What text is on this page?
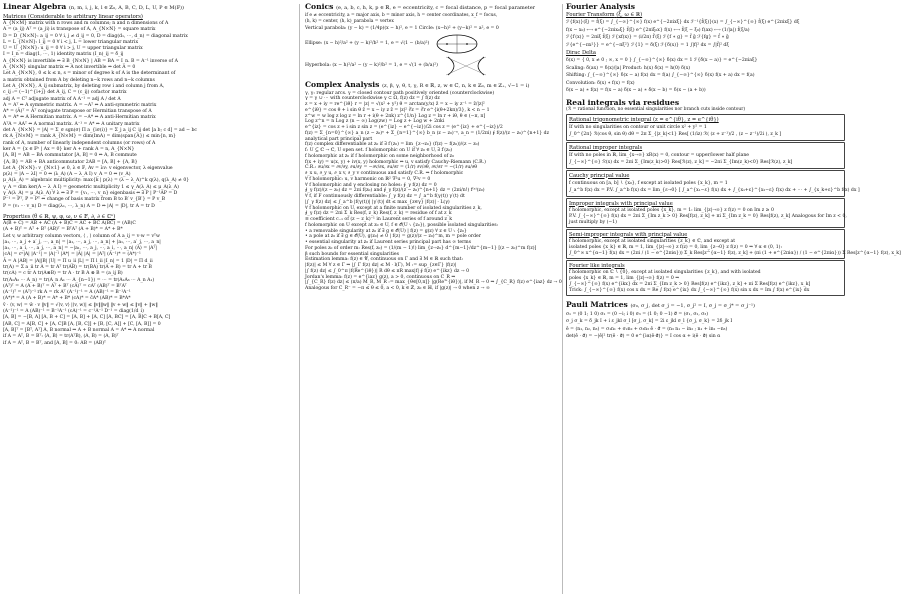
Linear Algebra (n, m, i, j, k, l ∈ ℤ₀, A, B, C, D, L, U, P ∈ M(𝔽))
Matrices (Considerable to arbitrary linear operators)
A_{N×M} matrix with n rows and m columns; n and n dimensions of A
A = (a_ij) Aᵀ = (a_ji) is transpose of A, A_{N×N} = square matrix
D = D_{N×N}: a_ij = 0 ∀ i, j ≠ d_ij = 0, D = diag(d₁, ⋯, d_n) = diagonal matrix
L = L_{N×N}: l_ij = 0 ∀ i < j, L = lower triangular matrix
U = U_{N×N}: u_ij = 0 ∀ i > j, U = upper triangular matrix
I = I_n = diag(1, ⋯, 1) identity matrix (I_n)_ij = δ_ij
A_{N×N} is invertible ⇔ ∃ B_{N×N} | AB = BA = I_n. B = A⁻¹ inverse of A
A_{N×N} singular matrix ⇔ A not invertible ⇔ det A = 0
Let A_{N×N}, 0 ≤ k ≤ n, s = minor of degree k of A is the determinant of
a matrix obtained from A by deleting n−k rows and n−k columns
Let A_{N×N}, A_ij submatrix, by deleting row i and column j from A,
c_ij := (−1)^{i+j} det A_ij, C = (c_ij) cofactor matrix
adj A = Cᵀ adjugate matrix of A A⁻¹ = adj A / det A
A = Aᵀ ⇔ A symmetric matrix. A = −Aᵀ ⇔ A anti-symmetric matrix
A* = (Ā)ᵀ = Āᵀ conjugate transpose or Hermitian transpose of A
A = A* ⇔ A Hermitian matrix. A = −A* ⇔ A anti-Hermitian matrix
AᵀA = AAᵀ ⇔ A normal matrix. A⁻¹ = A* ⇔ A unitary matrix
det A_{N×N} = |A| = Σ_σ sgn(σ) Π a_{iσ(i)} = Σ_j a_ij C_ij det [a b; c d] = ad − bc
rk A_{N×M} = rank A_{N×M} = dim(ImA) = dim(span{A}) ≤ min{n, m}
rank of A, number of linearly independent columns (or rows) of A
ker A = {x ∈ 𝔽ⁿ | Ax = 0} ker A + rank A = n, A_{N×N}
[A, B] = AB − BA commutator [A, B] = 0 ⇔ A, B commute
{A, B} = AB + BA anticommutator 2AB = [A, B] + {A, B}
Let A_{N×N}: v_{N×1} ≠ 0, λ ∈ 𝔽, Av = λv: v eigenvector, λ eigenvalue
p(λ) = |A − λI| = 0 ⇔ (λ_A) (A − λ_A I) v_A = 0 ⇔ (v_A)
μ_A(λ_A) = algebraic multiplicity: max{k | p(λ) = (λ − λ_A)^k q(λ), q(λ_A) ≠ 0}
γ_A = dim ker(A − λ_A I) = geometric multiplicity 1 ≤ γ_A(λ_A) ≤ μ_A(λ_A)
γ_A(λ_A) = μ_A(λ_A) ∀ λ ⇔ ∃ P = {v₁, ⋯, v_n} eigenbasis ⇔ ∃ P | P⁻¹AP = D
P⁻¹ = Pᵀ, P = Pᵀ ⇔ change of basis matrix from B to B′ v_{B′} = P v_B
P = (v₁ ⋯ v_n) D = diag(λ₁, ⋯, λ_n) A = D ⇔ |A| = |D|, tr A = tr D
Properties (θ ∈ ℝ, ψ, φ, ω, ν ∈ 𝔽, ∂, ∂ ∈ ℂⁿ)
A(B + C) = AB + AC (A + B)C = AC + BC A(BC) = (AB)C
(A + B)ᵀ = Aᵀ + Bᵀ (AB)ᵀ = BᵀAᵀ (A + B)* = A* + B*
Let v, w arbitrary column vectors, ⟨ , ⟩ column of A a_ij = v·w = vᵀw
|a₁, ⋯, a_j + a′_j, ⋯, a_n| = |a₁, ⋯, a_j, ⋯, a_n| + |a₁, ⋯, a′_j, ⋯, a_n|
|a₁, ⋯, a_i, ⋯, a_j, ⋯, a_n| = −|a₁, ⋯, a_j, ⋯, a_i, ⋯, a_n| ⟨A⟩ = |Aᵀ|
|cA| = cⁿ|A| |A⁻¹| = |A|⁻¹ |A*| = |Ā| |A| = |Aᵀ| (A⁻¹)* = (A*)⁻¹
Ā = A |AB| = |A||B| |U| = Π u_ii |L| = Π l_ii |I_n| = 1 |D| = Π d_ii
tr(A) = Σ a_ii tr A = tr Aᵀ tr(AB) = tr(BA) tr(A + B) = tr A + tr B
tr(cA) = c tr A tr(A⊗B) = tr A · tr B A ⊗ B = (a_ij B)
tr(A₁A₂ ⋯ A_n) = tr(A_n A₁ ⋯ A_{n−1}) = ⋯ = tr(A₂A₃ ⋯ A_n A₁)
(Aᵀ)ᵀ = A (A + B)ᵀ = Aᵀ + Bᵀ (cA)ᵀ = cAᵀ (AB)ᵀ = BᵀAᵀ
(A⁻¹)ᵀ = (Aᵀ)⁻¹ rk A = rk Aᵀ (A⁻¹)⁻¹ = A (AB)⁻¹ = B⁻¹A⁻¹
(A*)* = A (A + B)* = A* + B* (cA)* = c̄A* (AB)* = B*A*
v̄ · ⟨v, w⟩ = w̄ · v ‖v‖ = √⟨v, v⟩ |⟨v, w⟩| ≤ ‖v‖‖w‖ ‖v + w‖ ≤ ‖v‖ + ‖w‖
(A⁻¹)⁻¹ = A (AB)⁻¹ = B⁻¹A⁻¹ (cA)⁻¹ = c⁻¹A⁻¹ D⁻¹ = diag(1/d_i)
[A, B] = −[B, A] [A, B + C] = [A, B] + [A, C] [A, BC] = [A, B]C + B[A, C]
[AB, C] = A[B, C] + [A, C]B [A, [B, C]] + [B, [C, A]] + [C, [A, B]] = 0
[A, B]ᵀ = [Bᵀ, Aᵀ] A, B normal ⇒ A + B normal A = A* ⇒ A normal
if A = Aᵀ, B = Bᵀ: ⟨A, B⟩ = tr(AᵀB), (A, B) = (A, B)ᵀ
if A = Aᵀ, B = Bᵀ, and [A, B] = 0: AB = (AB)ᵀ
Conics (e, a, b, c, h, k, p ∈ ℝ, e = eccentricity, c = focal distance, p = focal parameter
if e ≠ eccentricity, a = major axis, b = minor axis, h = center coordinates, x_f = focus,
(h, k) = center, (h, k)_parabola = vertex
Vertical parabola: (y − k) = (1/4p)(x − h)², e = 1 Circle: (x−h)² + (y−k)² = a², e = 0
Ellipse: (x − h)²/a² + (y − k)²/b² = 1, e = √(1 − (b/a)²)
Hyperbola: (x − h)²/a² − (y − k)²/b² = 1, e = √(1 + (b/a)²)
Complex Analysis (z, β, γ, θ, t, γ, R ∈ ℝ, z, w ∈ ℂ, n, k ∈ ℤ₀, m ∈ ℤ₊, √−1 = i)
γ, γ: regular arcs. γ = closed contour path positively oriented (counterclockwise)
γ = γ ∪ ⋯ with counterclockwise γ ⊂ Ω, f(z) dz = ∫ f(z) dz
z = x + iy = re^{iθ} r = |z| = √(x² + y²) θ = arctan(y/x) z̄ = x − iy z⁻¹ = z̄/|z|²
e^{iθ} = cos θ + i sin θ z̄ = x − iy z z̄ = |z|² ∛z = ∛r e^{i(θ+2kπ)/3}, k < n − 1
z^w = w log z log z = ln r + i(θ + 2πk) z^{1/n} Log z = ln r + iθ, θ ∈ (−π, π]
Log z^n = n Log z (n − ∞) Log(zw) = Log z + Log w + 2πki
e^{iz} = cos z + i sin z sin z = (e^{iz} − e^{−iz})/2i cos z = (e^{iz} + e^{−iz})/2
f(z) = Σ_{n=0}^{∞} a_n (z − z₀)ⁿ + Σ_{n=1}^{∞} b_n (z − z₀)⁻ⁿ, a_n = (1/2πi) ∮ f(z)/(z − z₀)^{n+1} dz
analytical part principal part
f(z) complex differentiable at z₀ if ∃ f′(z₀) = lim_{z→z₀} (f(z) − f(z₀))/(z − z₀)
f: U ⊆ ℂ → ℂ, U open set. f holomorphic on U if ∀ z₀ ∈ U, ∃ f′(z₀)
f holomorphic at z₀ if f holomorphic on some neighborhood of z₀
f(x + iy) = u(x, y) + iv(x, y) holomorphic ⇔ u, v satisfy Cauchy-Riemann (C.R.)
C.R.: ∂u/∂x = ∂v/∂y, ∂u/∂y = −∂v/∂x, ∂u/∂r = (1/r) ∂v/∂θ, ∂v/∂r = −(1/r) ∂u/∂θ
∂_x u, ∂_y u, ∂_x v, ∂_y v continuous and satisfy C.R. ⇒ f holomorphic
∀ f holomorphic: u, v harmonic on ℝ² ∇²u = 0, ∇²v = 0
∀ f holomorphic and γ enclosing no holes: ∮_γ f(z) dz = 0
∮_γ f(z)/(z − z₀) dz = 2πi f(z₀) and ∮_γ f(z)/(z − z₀)^{n+1} dz = (2πi/n!) f⁽ⁿ⁾(z₀)
∀ f, if F continuously differentiable: ∫_γ f(z) dz = ∫_a^b f(γ(t)) γ′(t) dt
|∫_γ f(z) dz| ≤ ∫_a^b |f(γ(t))| |γ′(t)| dt ≤ max_{z∈γ} |f(z)| · L(γ)
∀ f holomorphic on U, except at a finite number of isolated singularities z_k,
∮_γ f(z) dz = 2πi Σ_k Res(f, z_k) Res(f, z_k) = residue of f at z_k
≡ coefficient c₋₁ of (z − z_k)⁻¹ in Laurent series of f around z_k
f holomorphic on U except at z₀ ∈ U, f ∈ 𝒪(U ∖ {z₀}), possible isolated singularities:
• a removable singularity at z₀ if ∃ g ∈ 𝒪(U) | f(z) = g(z) ∀ z ∈ U ∖ {z₀}
• a pole at z₀ if ∃ g ∈ 𝒪(U), g(z₀) ≠ 0 | f(z) = g(z)/(z − z₀)^m, m = pole order
• essential singularity at z₀ if Laurent series principal part has ∞ terms
For poles z₀ of order m: Res(f, z₀) = (1/(m − 1)!) lim_{z→z₀} d^{m−1}/dz^{m−1} [(z − z₀)^m f(z)]
β such bounds for essential singularities
Estimation lemma: f(z) ∈ 𝒞, continuous on Γ and ∃ M ∈ ℝ such that:
|f(z)| ≤ M ∀ z ∈ Γ ⇒ |∫_Γ f(z) dz| ≤ M · l(Γ), M := sup_{z∈Γ} |f(z)|
|∫ f(z) dz| ≤ ∫_0^π |f(Re^{iθ})| R dθ ≤ πR max|f| ∮ f(z) e^{ikz} dz → 0
Jordan's lemma: f(z) = e^{iaz} g(z), a > 0, continuous on C_R ⇒
|∫_{C_R} f(z) dz| ≤ (π/a) M_R, M_R := max_{θ∈[0,π]} |g(Re^{iθ})|, if M_R → 0 ⇒ ∫_{C_R} f(z) e^{iaz} dz → 0
Analogous for C_R⁻ = −π ≤ θ ≤ 0, a < 0, k ∈ ℤ, z₀ ∈ ℍ, if |g(z)| → 0 when z → ∞
Fourier Analysis
Fourier Transform (ξ, ω ∈ ℝ)
ℱ{f(x)}(ξ) = f̂(ξ) = ∫_{−∞}^{∞} f(x) e^{−2πixξ} dx ℱ⁻¹{f̂(ξ)}(x) = ∫_{−∞}^{∞} f̂(ξ) e^{2πixξ} dξ
f(x − x₀) ⟷ e^{−2πix₀ξ} f̂(ξ) e^{2πiξ₀x} f(x) ⟷ f̂(ξ − ξ₀) f(ax) ⟷ (1/|a|) f̂(ξ/a)
ℱ{f′(x)} = 2πiξ f̂(ξ) ℱ{xf(x)} = (i/2π) f̂′(ξ) ℱ{f ∗ g} = f̂ ĝ ℱ{fg} = f̂ ∗ ĝ
ℱ{e^{−πx²}} = e^{−πξ²} ℱ{1} = δ(ξ) ℱ{δ(x)} = 1 ∫|f|² dx = ∫|f̂|² dξ
Dirac Delta
δ(x) = { 0, x ≠ 0 ; ∞, x = 0 } ∫_{−∞}^{∞} δ(x) dx = 1 ℱ{δ(x − a)} = e^{−2πiaξ}
Scaling: δ(ax) = δ(x)/|a| Product: h(x) δ(x) = h(0) δ(x)
Shifting: ∫_{−∞}^{∞} δ(x − a) f(x) dx = f(a) ∫_{−∞}^{∞} δ(x) f(x + a) dx = f(a)
Convolution: δ(x) ∗ f(x) = f(x)
δ(x − a) ∗ f(x) = f(x − a) δ(x − a) ∗ δ(x − b) = δ(x − (a + b))
Real integrals via residues
(ℛ = rational function, no essential singularities nor branch cuts inside contour)
Rational trigonometric integral (z = e^{iθ}, z = e^{iθ})
If with no singularities on contour or unit circle x² + y² = 1
∫_0^{2π} ℛ(cos θ, sin θ) dθ = 2π Σ_{|z_k|<1} Res[ (1/iz) ℛ( (z + z⁻¹)/2 , (z − z⁻¹)/2i ), z_k ]
Rational improper integrals
If with no poles in ℝ, lim_{x→∞} xR(x) = 0, contour = upper/lower half plane
∫_{−∞}^{∞} ℛ(x) dx = 2πi Σ_{Im(z_k)>0} Res[ℛ(z), z_k] = −2πi Σ_{Im(z_k)<0} Res[ℛ(z), z_k]
Cauchy principal value
f continuous on [a, b] ∖ {x₀}, f except at isolated poles {x_k}, m = 1
∫_a^b f(x) dx = P.V. ∫_a^b f(x) dx = lim_{ε→0} [ ∫_a^{x₁−ε} f(x) dx + ∫_{x₁+ε}^{x₂−ε} f(x) dx + ⋯ + ∫_{x_k+ε}^b f(x) dx ]
Improper integrals with principal value
f holomorphic, except at isolated poles {x_k}, m = 1: lim_{|z|→∞} z f(z) = 0 on Im z ≥ 0
P.V. ∫_{−∞}^{∞} f(x) dx = 2πi Σ_{Im z_k > 0} Res[f(z), z_k] + πi Σ_{Im z_k = 0} Res[f(z), z_k] Analogous for Im z < 0,
just multiply by (−1)
Semi-improper integrals with principal value
f holomorphic, except at isolated singularities {z_k} ∈ ℂ, and except at
isolated poles {x_k} ∈ ℝ, m = 1, lim_{|z|→∞} z f(z) = 0, lim_{z→0} z f(z) = 0 ⇒ ∀ α ∈ (0, 1):
∫_0^∞ x^{α−1} f(x) dx = (2πi / (1 − e^{2πiα})) Σ_k Res[z^{α−1} f(z), z_k] + (πi (1 + e^{2πiα}) / (1 − e^{2πiα})) Σ Res[z^{α−1} f(z), x_k]
Fourier like integrals
f holomorphic on ℂ ∖ {0}, except at isolated singularities {z_k}, and with isolated
poles {x_k} ∈ ℝ, m = 1, lim_{|z|→∞} f(z) = 0 ⇒
∫_{−∞}^{∞} f(x) e^{ikx} dx = 2πi Σ_{Im z_k > 0} Res[f(z) e^{ikz}, z_k] + πi Σ Res[f(z) e^{ikz}, x_k]
Trick: ∫_{−∞}^{∞} f(x) cos x dx = Re ∫ f(x) e^{ix} dx ∫_{−∞}^{∞} f(x) sin x dx = Im ∫ f(x) e^{ix} dx
Pauli Matrices (σ₀, σ_j, det σ_j = −1, σ_j² = I, σ_j = σ_j* = σ_j⁻¹)
σ₁ = (0 1; 1 0) σ₂ = (0 −i; i 0) σ₃ = (1 0; 0 −1) σ⃗ = (σ₁, σ₂, σ₃)
σ_j σ_k = δ_jk I + i ε_jkl σ_l [σ_j, σ_k] = 2i ε_jkl σ_l {σ_j, σ_k} = 2δ_jk I
ê = (n₁, n₂, n₃) = σ₁n₁ + σ₂n₂ + σ₃n₃ ê · σ⃗ = (n₃ n₁ − in₂ ; n₁ + in₂ −n₃)
det(ê · σ⃗) = −|ê|² tr(ê · σ⃗) = 0 e^{iα(ê·σ⃗)} = I cos α + i(ê · σ⃗) sin α
